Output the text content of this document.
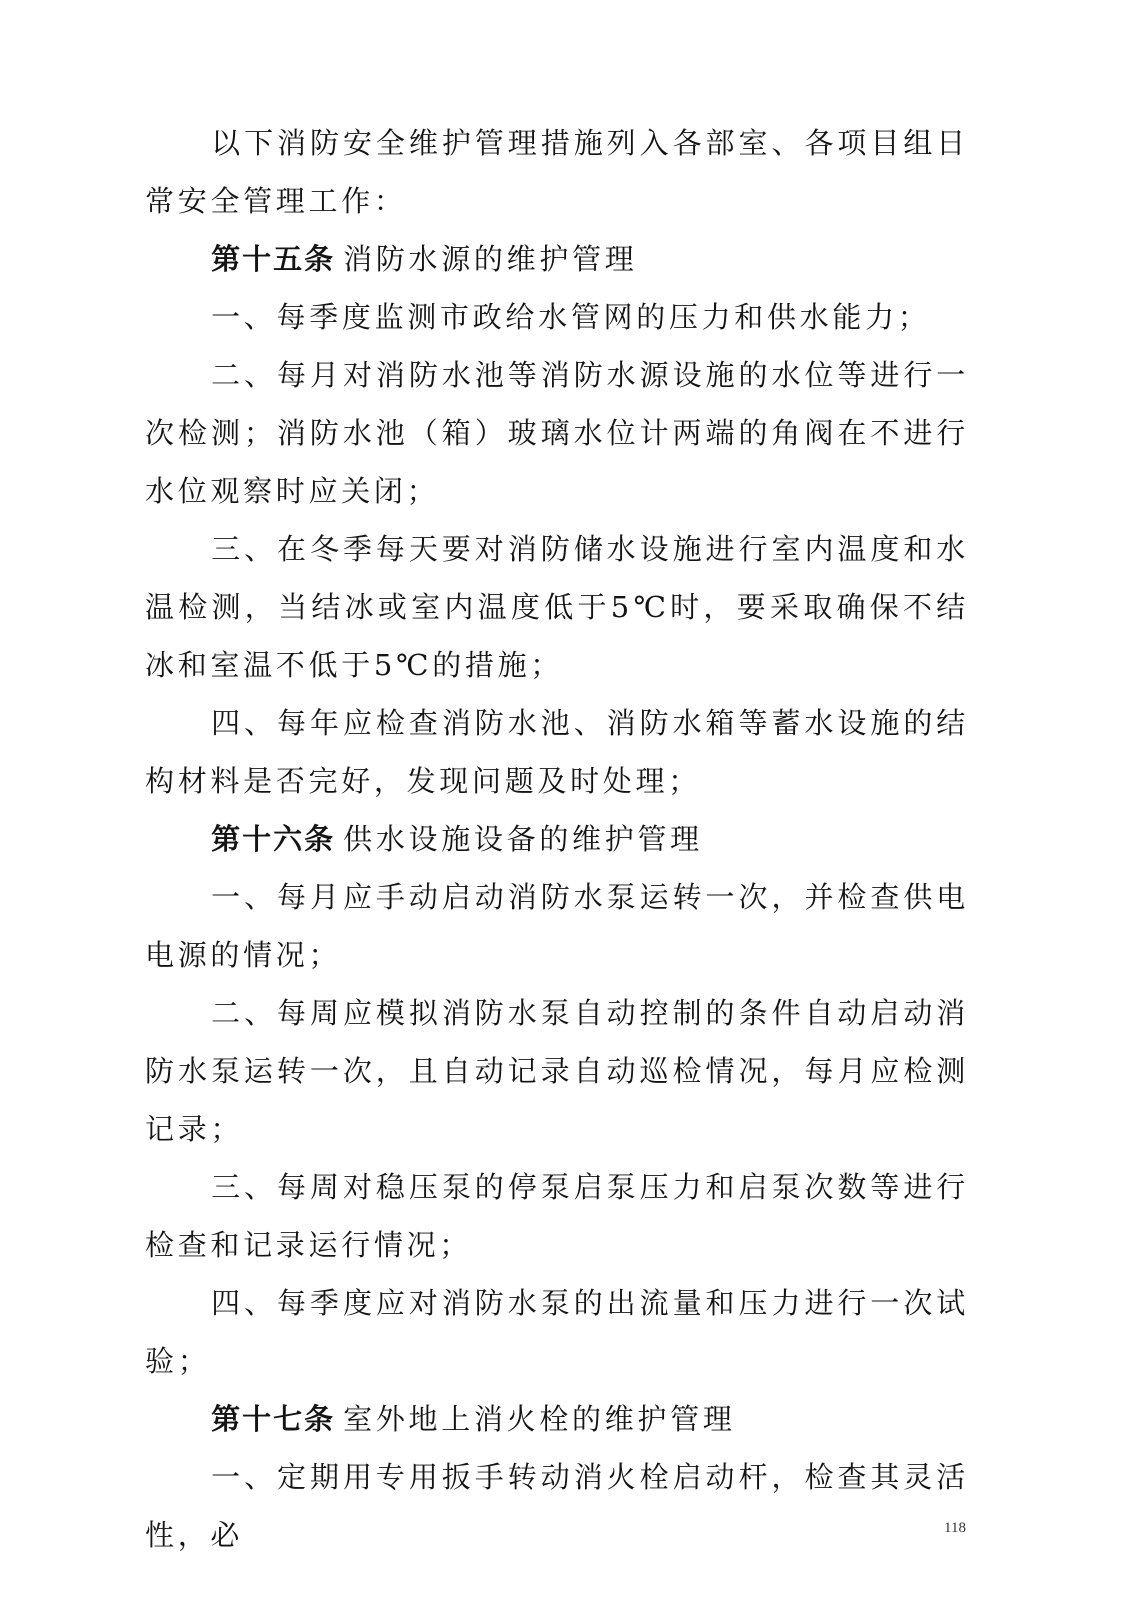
以下消防安全维护管理措施列入各部室、各项目组日常安全管理工作：

第十五条 消防水源的维护管理

一、每季度监测市政给水管网的压力和供水能力；

二、每月对消防水池等消防水源设施的水位等进行一次检测；消防水池（箱）玻璃水位计两端的角阀在不进行水位观察时应关闭；

三、在冬季每天要对消防储水设施进行室内温度和水温检测，当结冰或室内温度低于5℃时，要采取确保不结冰和室温不低于5℃的措施；

四、每年应检查消防水池、消防水箱等蓄水设施的结构材料是否完好，发现问题及时处理；

第十六条 供水设施设备的维护管理

一、每月应手动启动消防水泵运转一次，并检查供电电源的情况；

二、每周应模拟消防水泵自动控制的条件自动启动消防水泵运转一次，且自动记录自动巡检情况，每月应检测记录；

三、每周对稳压泵的停泵启泵压力和启泵次数等进行检查和记录运行情况；

四、每季度应对消防水泵的出流量和压力进行一次试验；

第十七条 室外地上消火栓的维护管理

一、定期用专用扳手转动消火栓启动杆，检查其灵活性，必	118
